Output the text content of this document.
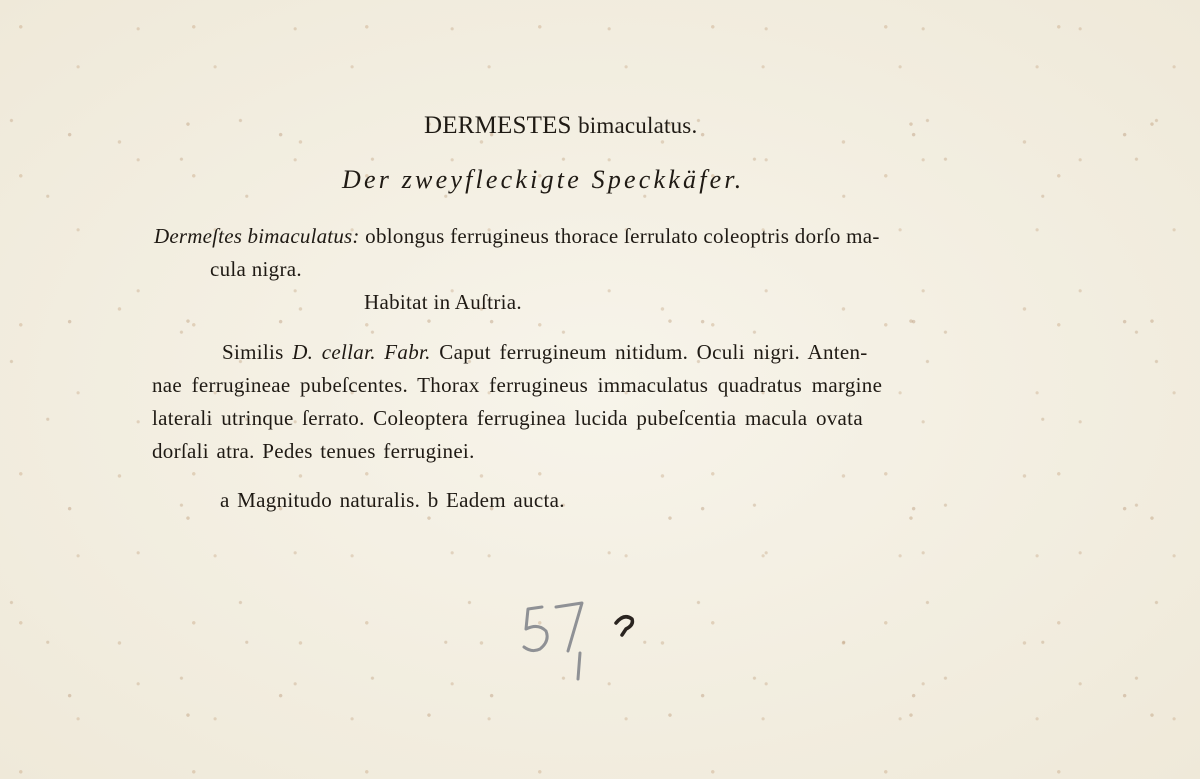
DERMESTES bimaculatus.
Der zweyfleckigte Speckkäfer.
Dermeſtes bimaculatus: oblongus ferrugineus thorace ſerrulato coleoptris dorſo ma-
cula nigra.
Habitat in Auſtria.
Similis D. cellar. Fabr. Caput ferrugineum nitidum. Oculi nigri. Anten-
nae ferrugineae pubeſcentes. Thorax ferrugineus immaculatus quadratus margine
laterali utrinque ſerrato. Coleoptera ferruginea lucida pubeſcentia macula ovata
dorſali atra. Pedes tenues ferruginei.
a Magnitudo naturalis. b Eadem aucta.
